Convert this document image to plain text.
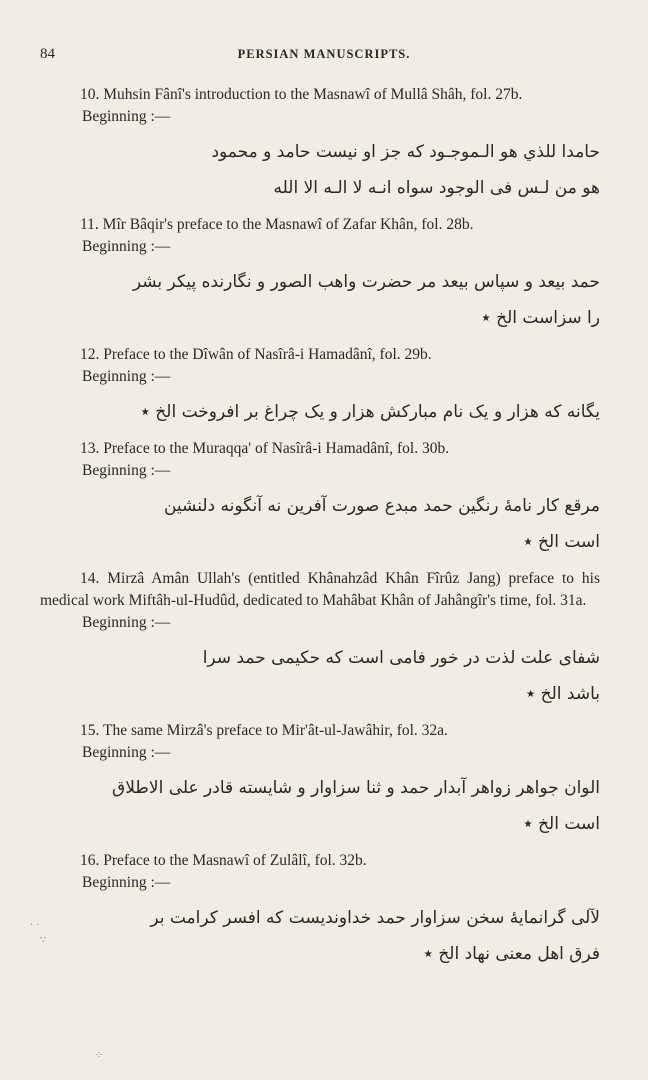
84	PERSIAN MANUSCRIPTS.
10. Muhsin Fânî's introduction to the Masnawî of Mullâ Shâh, fol. 27b.
Beginning :—
حامدا للذي هو الـموجـود كه جز او نيست حامد و محمود
هو من لـس فی الوجود سواه انـه لا الـه الا الله
11. Mîr Bâqir's preface to the Masnawî of Zafar Khân, fol. 28b.
Beginning :—
حمد بيعد و سپاس بيعد مر حضرت واهب الصور و نگارنده پيكر بشر
را سزاست الخ ٭
12. Preface to the Dîwân of Nasîrâ-i Hamadânî, fol. 29b.
Beginning :—
يگانه كه هزار و يک نام مبارکش هزار و يک چراغ بر افروخت الخ ٭
13. Preface to the Muraqqa' of Nasîrâ-i Hamadânî, fol. 30b.
Beginning :—
مرقع كار نامهٔ رنگين حمد مبدع صورت آفرين نه آنگونه دلنشين
است الخ ٭
14. Mirzâ Amân Ullah's (entitled Khânahzâd Khân Fîrûz Jang) preface to his medical work Miftâh-ul-Hudûd, dedicated to Mahâbat Khân of Jahângîr's time, fol. 31a.
Beginning :—
شفای علت لذت در خور فامی است كه حكيمی حمد سرا
باشد الخ ٭
15. The same Mirzâ's preface to Mir'ât-ul-Jawâhir, fol. 32a.
Beginning :—
الوان جواهر زواهر آبدار حمد و ثنا سزاوار و شايسته قادر علی الاطلاق
است الخ ٭
16. Preface to the Masnawî of Zulâlî, fol. 32b.
Beginning :—
لآلی گرانمايهٔ سخن سزاوار حمد خداونديست كه افسر كرامت بر
فرق اهل معنی نهاد الخ ٭
· ·
∵
⁘
